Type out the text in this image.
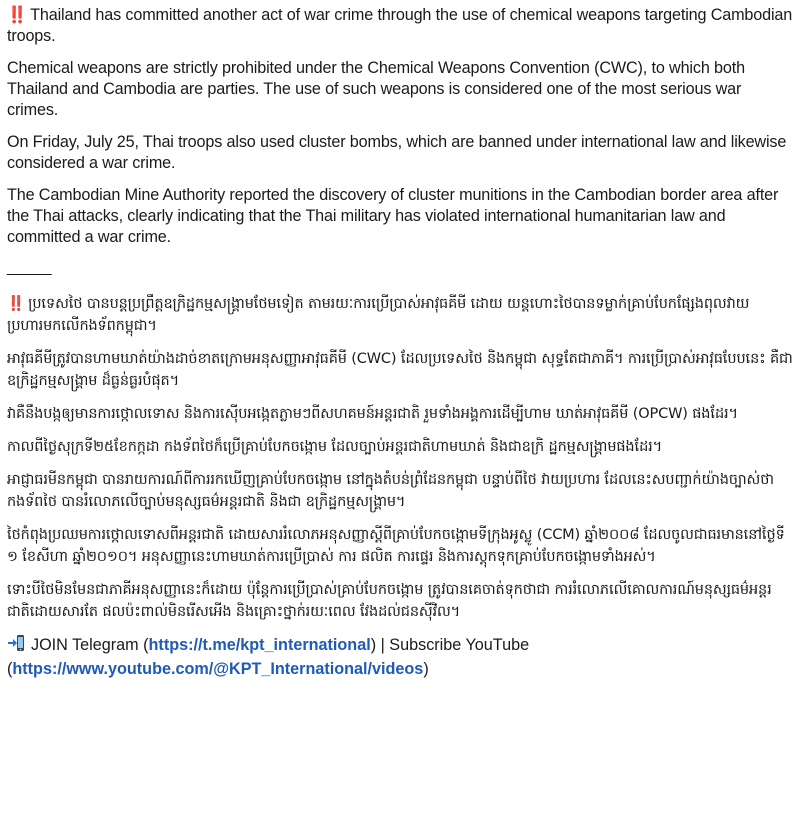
‼️ Thailand has committed another act of war crime through the use of chemical weapons targeting Cambodian troops.

Chemical weapons are strictly prohibited under the Chemical Weapons Convention (CWC), to which both Thailand and Cambodia are parties. The use of such weapons is considered one of the most serious war crimes.

On Friday, July 25, Thai troops also used cluster bombs, which are banned under international law and likewise considered a war crime.

The Cambodian Mine Authority reported the discovery of cluster munitions in the Cambodian border area after the Thai attacks, clearly indicating that the Thai military has violated international humanitarian law and committed a war crime.

_____

‼️ ប្រទេសថៃ បានបន្តប្រព្រឹត្តឧក្រិដ្ឋកម្មសង្គ្រាមថែមទៀត តាមរយៈការប្រើប្រាស់អាវុធគីមី ដោយ យន្តហោះថៃបានទម្លាក់គ្រាប់បែកផ្សែងពុលវាយប្រហារមកលើកងទ័ពកម្ពុជា។

អាវុធគីមីត្រូវបានហាមឃាត់យ៉ាងដាច់ខាតក្រោមអនុសញ្ញាអាវុធគីមី (CWC) ដែលប្រទេសថៃ និងកម្ពុជា សុទ្ធតែជាភាគី។ ការប្រើប្រាស់អាវុធបែបនេះ គឺជាឧក្រិដ្ឋកម្មសង្គ្រាម ដ៏ធ្ងន់ធ្ងរបំផុត។

វាគឺនឹងបង្កឲ្យមានការថ្កោលទោស និងការស៊ើបអង្កេតភ្លាមៗពីសហគមន៍អន្តរជាតិ រួមទាំងអង្គការដើម្បីហាម ឃាត់អាវុធគីមី (OPCW) ផងដែរ។

កាលពីថ្ងៃសុក្រទី២៥ខែកក្កដា កងទ័ពថៃក៏ប្រើគ្រាប់បែកចង្កោម ដែលច្បាប់អន្តរជាតិហាមឃាត់ និងជាឧក្រិ ដ្ឋកម្មសង្គ្រាមផងដែរ។

អាជ្ញាធរមីនកម្ពុជា បានរាយការណ៍ពីការរកឃើញគ្រាប់បែកចង្កោម នៅក្នុងតំបន់ព្រំដែនកម្ពុជា បន្ទាប់ពីថៃ វាយប្រហារ ដែលនេះសបញ្ជាក់យ៉ាងច្បាស់ថា កងទ័ពថៃ បានរំលោភលើច្បាប់មនុស្សធម៌អន្តរជាតិ និងជា ឧក្រិដ្ឋកម្មសង្គ្រាម។

ថៃកំពុងប្រឈមការថ្កោលទោសពីអន្តរជាតិ ដោយសាររំលោភអនុសញ្ញាស្តីពីគ្រាប់បែកចង្កោមទីក្រុងអូស្លូ (CCM) ឆ្នាំ២០០៨ ដែលចូលជាធរមាននៅថ្ងៃទី ១ ខែសីហា ឆ្នាំ២០១០។ អនុសញ្ញានេះហាមឃាត់ការប្រើប្រាស់ ការ ផលិត ការផ្ទេរ និងការស្តុកទុកគ្រាប់បែកចង្កោមទាំងអស់។

ទោះបីថៃមិនមែនជាភាគីអនុសញ្ញានេះក៏ដោយ ប៉ុន្តែការប្រើប្រាស់គ្រាប់បែកចង្កោម ត្រូវបានគេចាត់ទុកថាជា ការរំលោភលើគោលការណ៍មនុស្សធម៌អន្តរជាតិដោយសារតែ ផលប៉ះពាល់មិនរើសអើង និងគ្រោះថ្នាក់រយៈពេល វែងដល់ជនស៊ីវិល។

JOIN Telegram (https://t.me/kpt_international) | Subscribe YouTube
(https://www.youtube.com/@KPT_International/videos)
